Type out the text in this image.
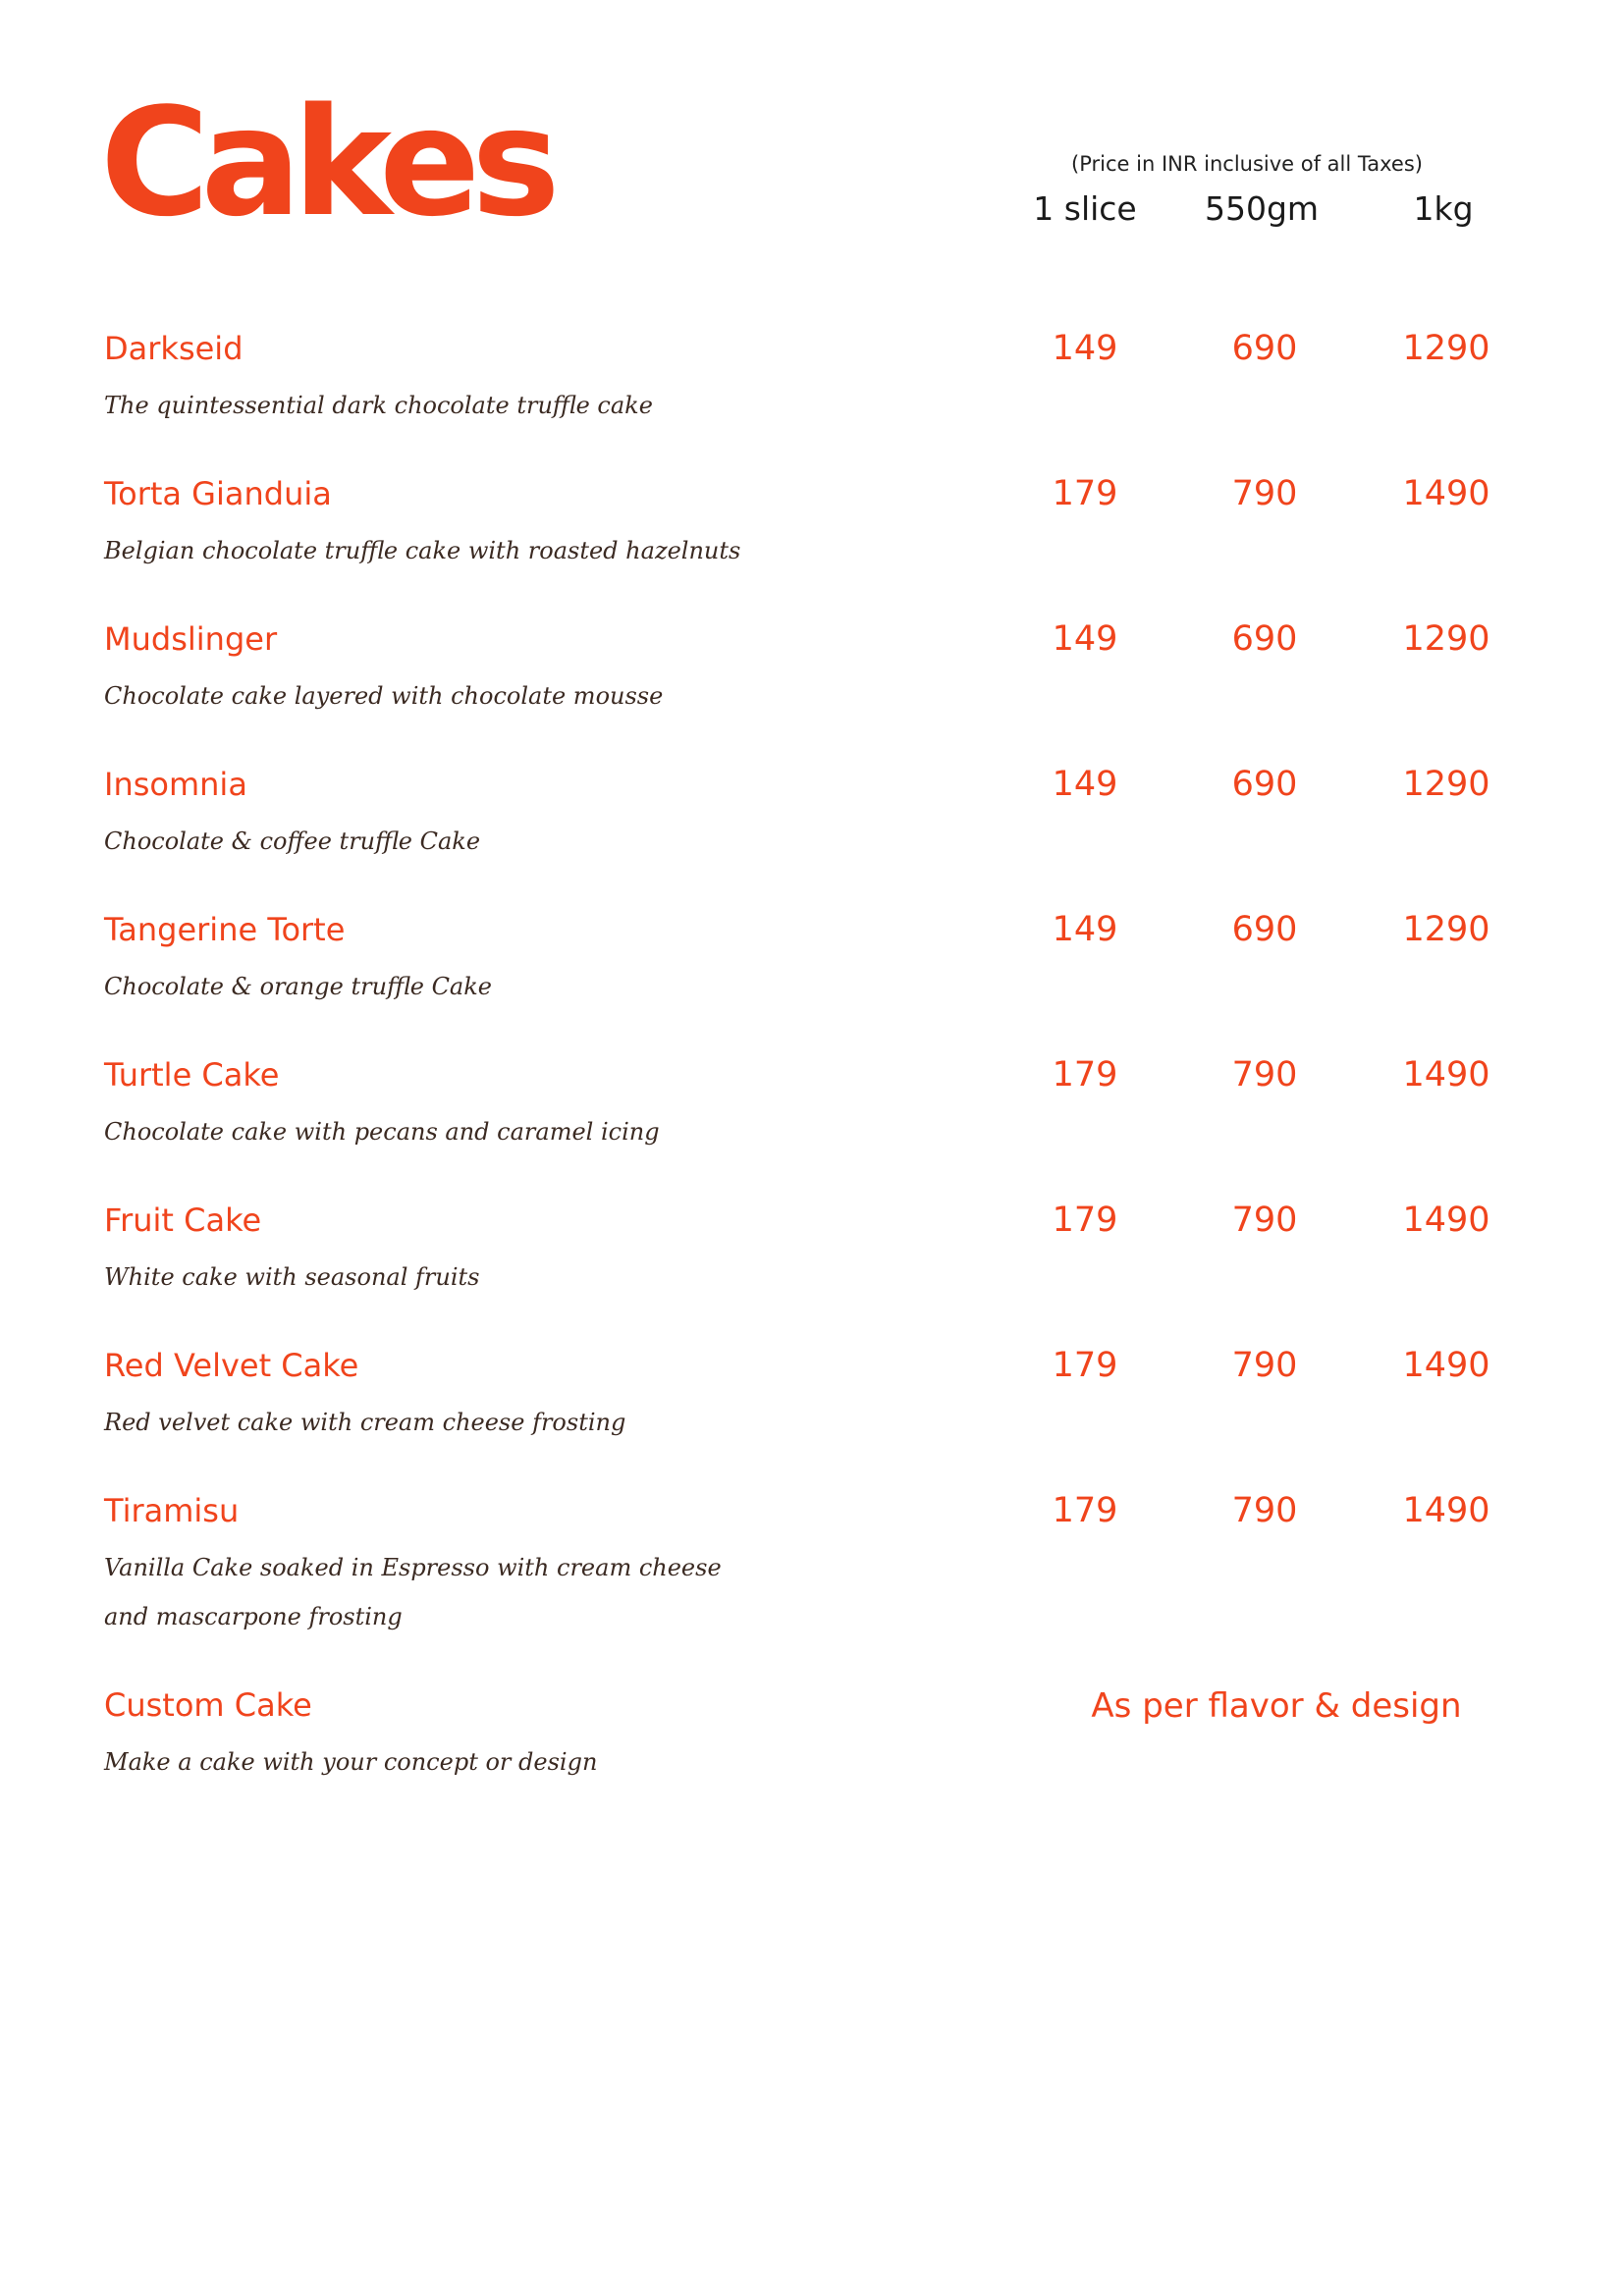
Cakes	(Price in INR inclusive of all Taxes)
1 slice	550gm	1kg
Darkseid
The quintessential dark chocolate truffle cake
149	690	1290
Torta Gianduia
Belgian chocolate truffle cake with roasted hazelnuts
179	790	1490
Mudslinger
Chocolate cake layered with chocolate mousse
149	690	1290
Insomnia
Chocolate & coffee truffle Cake
149	690	1290
Tangerine Torte
Chocolate & orange truffle Cake
149	690	1290
Turtle Cake
Chocolate cake with pecans and caramel icing
179	790	1490
Fruit Cake
White cake with seasonal fruits
179	790	1490
Red Velvet Cake
Red velvet cake with cream cheese frosting
179	790	1490
Tiramisu
Vanilla Cake soaked in Espresso with cream cheese
and mascarpone frosting
179	790	1490
Custom Cake
Make a cake with your concept or design
As per flavor & design
